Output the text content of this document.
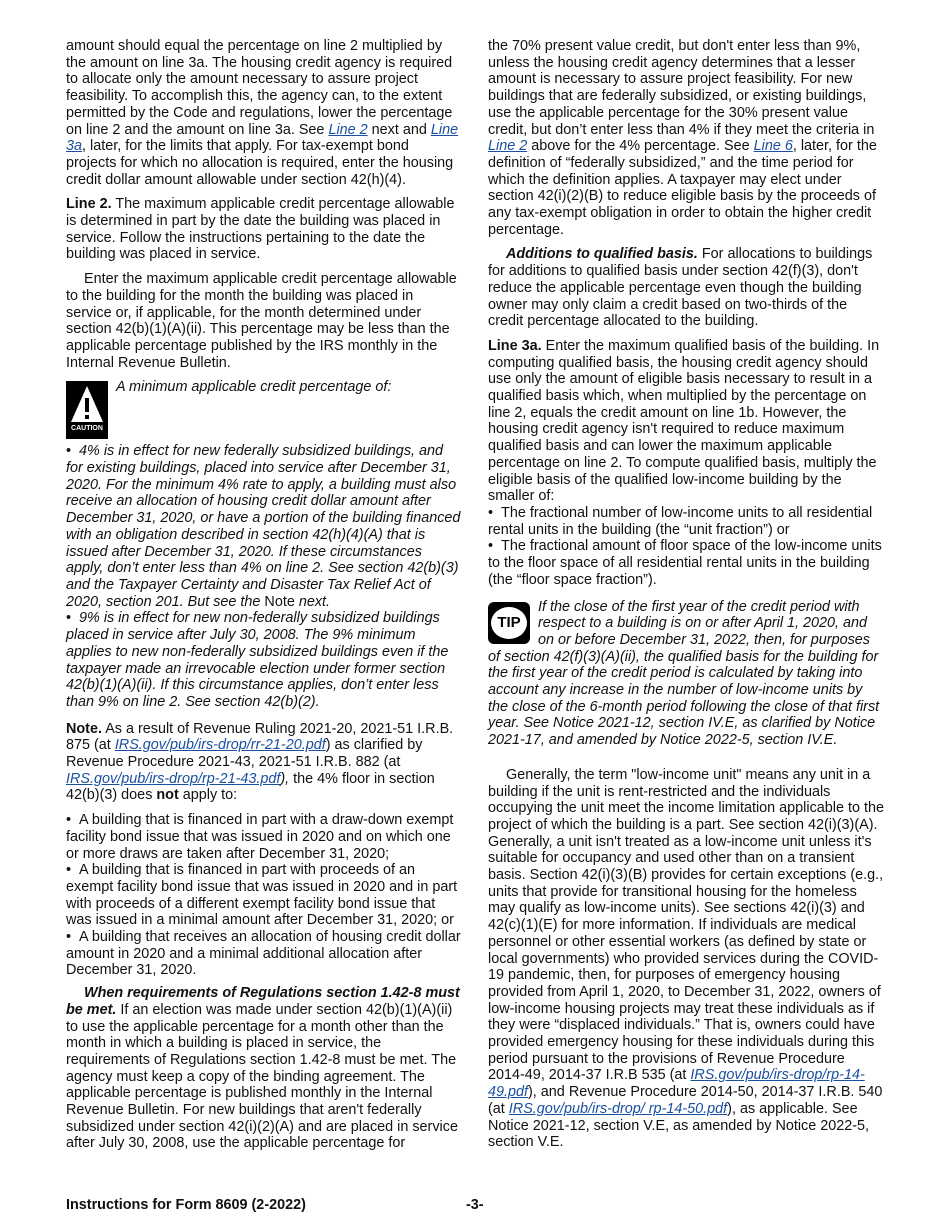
amount should equal the percentage on line 2 multiplied by the amount on line 3a. The housing credit agency is required to allocate only the amount necessary to assure project feasibility. To accomplish this, the agency can, to the extent permitted by the Code and regulations, lower the percentage on line 2 and the amount on line 3a. See Line 2 next and Line 3a, later, for the limits that apply. For tax-exempt bond projects for which no allocation is required, enter the housing credit dollar amount allowable under section 42(h)(4).

Line 2. The maximum applicable credit percentage allowable is determined in part by the date the building was placed in service. Follow the instructions pertaining to the date the building was placed in service.

Enter the maximum applicable credit percentage allowable to the building for the month the building was placed in service or, if applicable, for the month determined under section 42(b)(1)(A)(ii). This percentage may be less than the applicable percentage published by the IRS monthly in the Internal Revenue Bulletin.

CAUTION
A minimum applicable credit percentage of:

•  4% is in effect for new federally subsidized buildings, and for existing buildings, placed into service after December 31, 2020. For the minimum 4% rate to apply, a building must also receive an allocation of housing credit dollar amount after December 31, 2020, or have a portion of the building financed with an obligation described in section 42(h)(4)(A) that is issued after December 31, 2020. If these circumstances apply, don’t enter less than 4% on line 2. See section 42(b)(3) and the Taxpayer Certainty and Disaster Tax Relief Act of 2020, section 201. But see the Note next.

•  9% is in effect for new non-federally subsidized buildings placed in service after July 30, 2008. The 9% minimum applies to new non-federally subsidized buildings even if the taxpayer made an irrevocable election under former section 42(b)(1)(A)(ii). If this circumstance applies, don’t enter less than 9% on line 2. See section 42(b)(2).

Note. As a result of Revenue Ruling 2021-20, 2021-51 I.R.B. 875 (at IRS.gov/pub/irs-drop/rr-21-20.pdf) as clarified by Revenue Procedure 2021-43, 2021-51 I.R.B. 882 (at IRS.gov/pub/irs-drop/rp-21-43.pdf), the 4% floor in section 42(b)(3) does not apply to:

•  A building that is financed in part with a draw-down exempt facility bond issue that was issued in 2020 and on which one or more draws are taken after December 31, 2020;

•  A building that is financed in part with proceeds of an exempt facility bond issue that was issued in 2020 and in part with proceeds of a different exempt facility bond issue that was issued in a minimal amount after December 31, 2020; or

•  A building that receives an allocation of housing credit dollar amount in 2020 and a minimal additional allocation after December 31, 2020.

When requirements of Regulations section 1.42-8 must be met. If an election was made under section 42(b)(1)(A)(ii) to use the applicable percentage for a month other than the month in which a building is placed in service, the requirements of Regulations section 1.42-8 must be met. The agency must keep a copy of the binding agreement. The applicable percentage is published monthly in the Internal Revenue Bulletin. For new buildings that aren't federally subsidized under section 42(i)(2)(A) and are placed in service after July 30, 2008, use the applicable percentage for

the 70% present value credit, but don't enter less than 9%, unless the housing credit agency determines that a lesser amount is necessary to assure project feasibility. For new buildings that are federally subsidized, or existing buildings, use the applicable percentage for the 30% present value credit, but don’t enter less than 4% if they meet the criteria in Line 2 above for the 4% percentage. See Line 6, later, for the definition of “federally subsidized,” and the time period for which the definition applies. A taxpayer may elect under section 42(i)(2)(B) to reduce eligible basis by the proceeds of any tax-exempt obligation in order to obtain the higher credit percentage.

Additions to qualified basis. For allocations to buildings for additions to qualified basis under section 42(f)(3), don't reduce the applicable percentage even though the building owner may only claim a credit based on two-thirds of the credit percentage allocated to the building.

Line 3a. Enter the maximum qualified basis of the building. In computing qualified basis, the housing credit agency should use only the amount of eligible basis necessary to result in a qualified basis which, when multiplied by the percentage on line 2, equals the credit amount on line 1b. However, the housing credit agency isn't required to reduce maximum qualified basis and can lower the maximum applicable percentage on line 2. To compute qualified basis, multiply the eligible basis of the qualified low-income building by the smaller of:

•  The fractional number of low-income units to all residential rental units in the building (the “unit fraction”) or

•  The fractional amount of floor space of the low-income units to the floor space of all residential rental units in the building (the “floor space fraction”).

TIP
If the close of the first year of the credit period with respect to a building is on or after April 1, 2020, and on or before December 31, 2022, then, for purposes of section 42(f)(3)(A)(ii), the qualified basis for the building for the first year of the credit period is calculated by taking into account any increase in the number of low-income units by the close of the 6-month period following the close of that first year. See Notice 2021-12, section IV.E, as clarified by Notice 2021-17, and amended by Notice 2022-5, section IV.E.

Generally, the term "low-income unit" means any unit in a building if the unit is rent-restricted and the individuals occupying the unit meet the income limitation applicable to the project of which the building is a part. See section 42(i)(3)(A). Generally, a unit isn't treated as a low-income unit unless it's suitable for occupancy and used other than on a transient basis. Section 42(i)(3)(B) provides for certain exceptions (e.g., units that provide for transitional housing for the homeless may qualify as low-income units). See sections 42(i)(3) and 42(c)(1)(E) for more information. If individuals are medical personnel or other essential workers (as defined by state or local governments) who provided services during the COVID-19 pandemic, then, for purposes of emergency housing provided from April 1, 2020, to December 31, 2022, owners of low-income housing projects may treat these individuals as if they were “displaced individuals.” That is, owners could have provided emergency housing for these individuals during this period pursuant to the provisions of Revenue Procedure 2014-49, 2014-37 I.R.B 535 (at IRS.gov/pub/irs-drop/rp-14-49.pdf), and Revenue Procedure 2014-50, 2014-37 I.R.B. 540 (at IRS.gov/pub/irs-drop/ rp-14-50.pdf), as applicable. See Notice 2021-12, section V.E, as amended by Notice 2022-5, section V.E.

Instructions for Form 8609 (2-2022)	-3-
